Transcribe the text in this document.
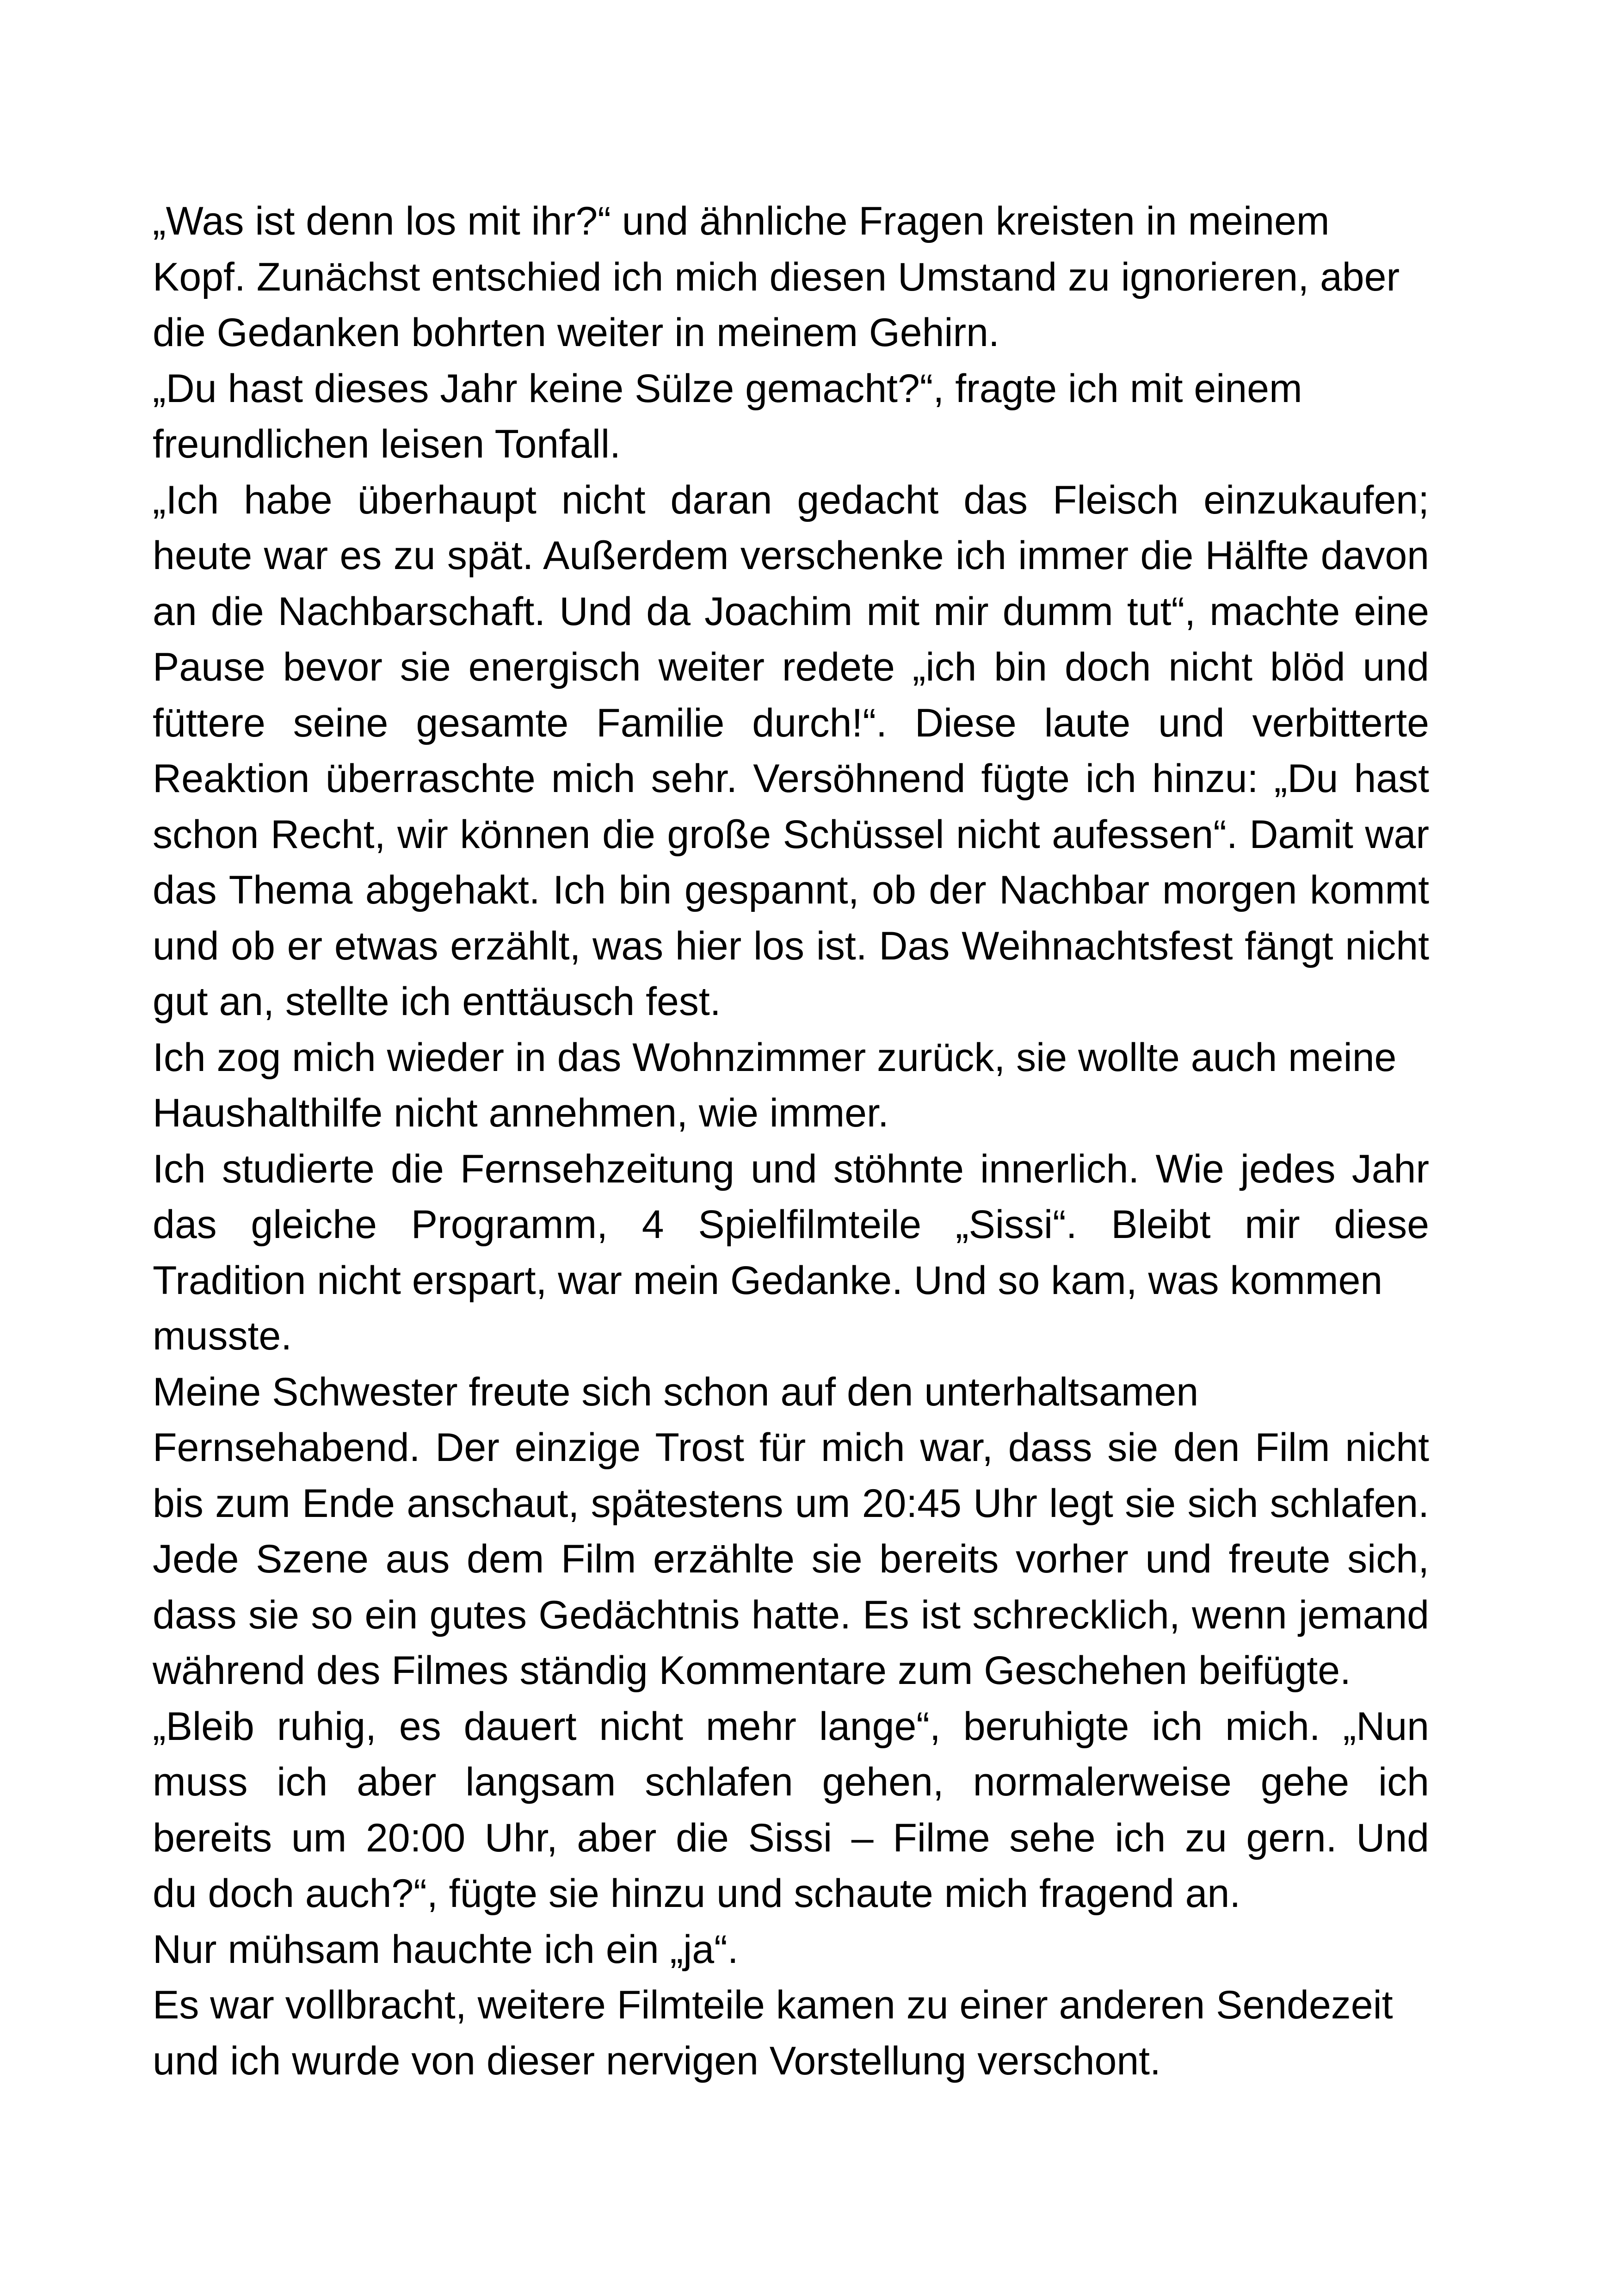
„Was ist denn los mit ihr?“ und ähnliche Fragen kreisten in meinem
Kopf. Zunächst entschied ich mich diesen Umstand zu ignorieren, aber
die Gedanken bohrten weiter in meinem Gehirn.

„Du hast dieses Jahr keine Sülze gemacht?“, fragte ich mit einem
freundlichen leisen Tonfall.

„Ich habe überhaupt nicht daran gedacht das Fleisch einzukaufen;
heute war es zu spät. Außerdem verschenke ich immer die Hälfte davon
an die Nachbarschaft. Und da Joachim mit mir dumm tut“, machte eine
Pause bevor sie energisch weiter redete „ich bin doch nicht blöd und
füttere seine gesamte Familie durch!“. Diese laute und verbitterte
Reaktion überraschte mich sehr. Versöhnend fügte ich hinzu: „Du hast
schon Recht, wir können die große Schüssel nicht aufessen“. Damit war
das Thema abgehakt. Ich bin gespannt, ob der Nachbar morgen kommt
und ob er etwas erzählt, was hier los ist. Das Weihnachtsfest fängt nicht
gut an, stellte ich enttäusch fest.

Ich zog mich wieder in das Wohnzimmer zurück, sie wollte auch meine
Haushalthilfe nicht annehmen, wie immer.

Ich studierte die Fernsehzeitung und stöhnte innerlich. Wie jedes Jahr
das gleiche Programm, 4 Spielfilmteile „Sissi“. Bleibt mir diese
Tradition nicht erspart, war mein Gedanke. Und so kam, was kommen
musste.

Meine Schwester freute sich schon auf den unterhaltsamen
Fernsehabend. Der einzige Trost für mich war, dass sie den Film nicht
bis zum Ende anschaut, spätestens um 20:45 Uhr legt sie sich schlafen.
Jede Szene aus dem Film erzählte sie bereits vorher und freute sich,
dass sie so ein gutes Gedächtnis hatte. Es ist schrecklich, wenn jemand
während des Filmes ständig Kommentare zum Geschehen beifügte.

„Bleib ruhig, es dauert nicht mehr lange“, beruhigte ich mich. „Nun
muss ich aber langsam schlafen gehen, normalerweise gehe ich
bereits um 20:00 Uhr, aber die Sissi – Filme sehe ich zu gern. Und
du doch auch?“, fügte sie hinzu und schaute mich fragend an.

Nur mühsam hauchte ich ein „ja“.

Es war vollbracht, weitere Filmteile kamen zu einer anderen Sendezeit
und ich wurde von dieser nervigen Vorstellung verschont.
